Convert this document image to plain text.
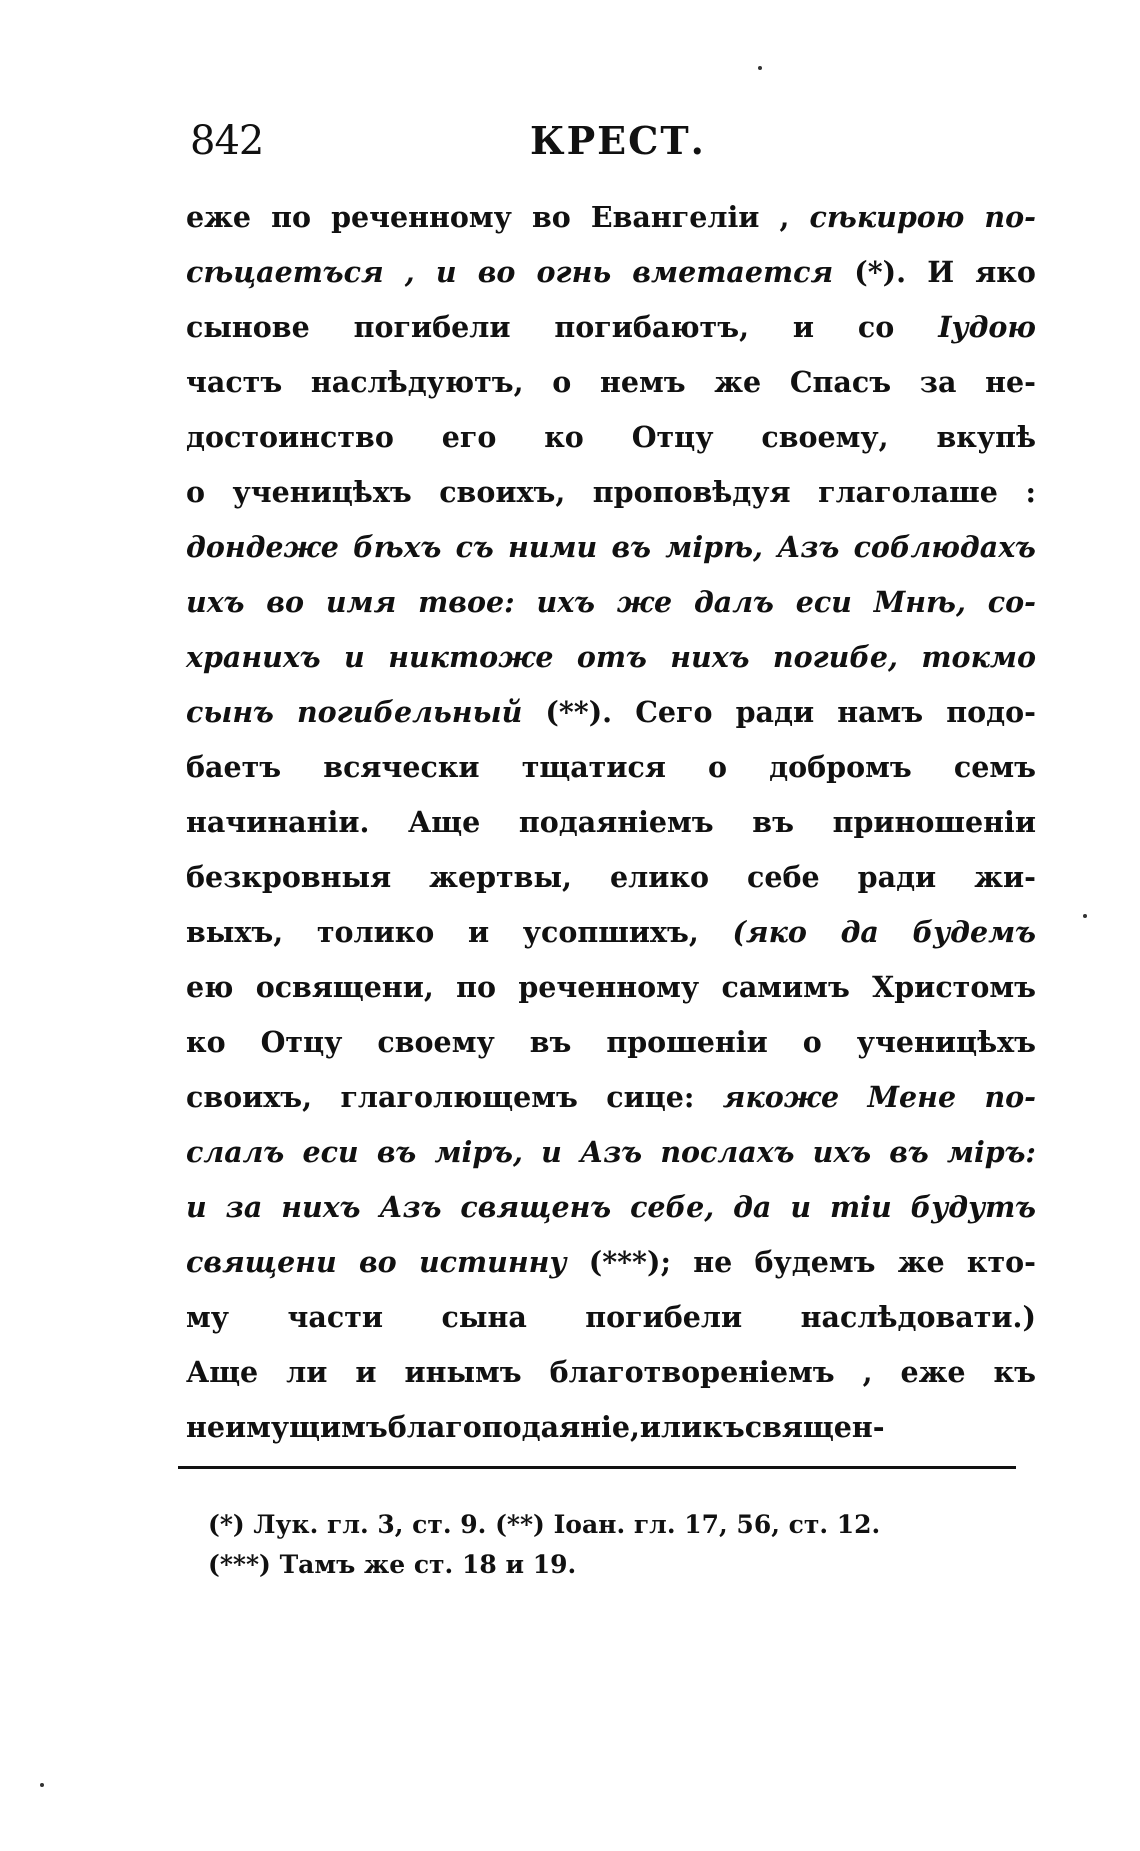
842	КРЕСТ.
еже по реченному во Евангеліи , сѣкирою по-
сѣцаетъся , и во огнь вметается (*). И яко
сынове погибели погибаютъ, и со Іудою
частъ наслѣдуютъ, о немъ же Спасъ за не-
достоинство его ко Отцу своему, вкупѣ
о ученицѣхъ своихъ, проповѣдуя глаголаше :
дондеже бѣхъ съ ними въ мірѣ, Азъ соблюдахъ
ихъ во имя твое: ихъ же далъ еси Мнѣ, со-
хранихъ и никтоже отъ нихъ погибе, токмо
сынъ погибельный (**). Сего ради намъ подо-
баетъ всячески тщатися о добромъ семъ
начинаніи. Аще подаяніемъ въ приношеніи
безкровныя жертвы, елико себе ради жи-
выхъ, толико и усопшихъ, (яко да будемъ
ею освящени, по реченному самимъ Христомъ
ко Отцу своему въ прошеніи о ученицѣхъ
своихъ, глаголющемъ сице: якоже Мене по-
слалъ еси въ міръ, и Азъ послахъ ихъ въ міръ:
и за нихъ Азъ священъ себе, да и тіи будутъ
священи во истинну (***); не будемъ же кто-
му части сына погибели наслѣдовати.)
Аще ли и инымъ благотвореніемъ , еже къ
неимущимъ благоподаяніе, или къ священ-
(*) Лук. гл. 3, ст. 9. (**) Іоан. гл. 17, 56, ст. 12.
(***) Тамъ же ст. 18 и 19.
